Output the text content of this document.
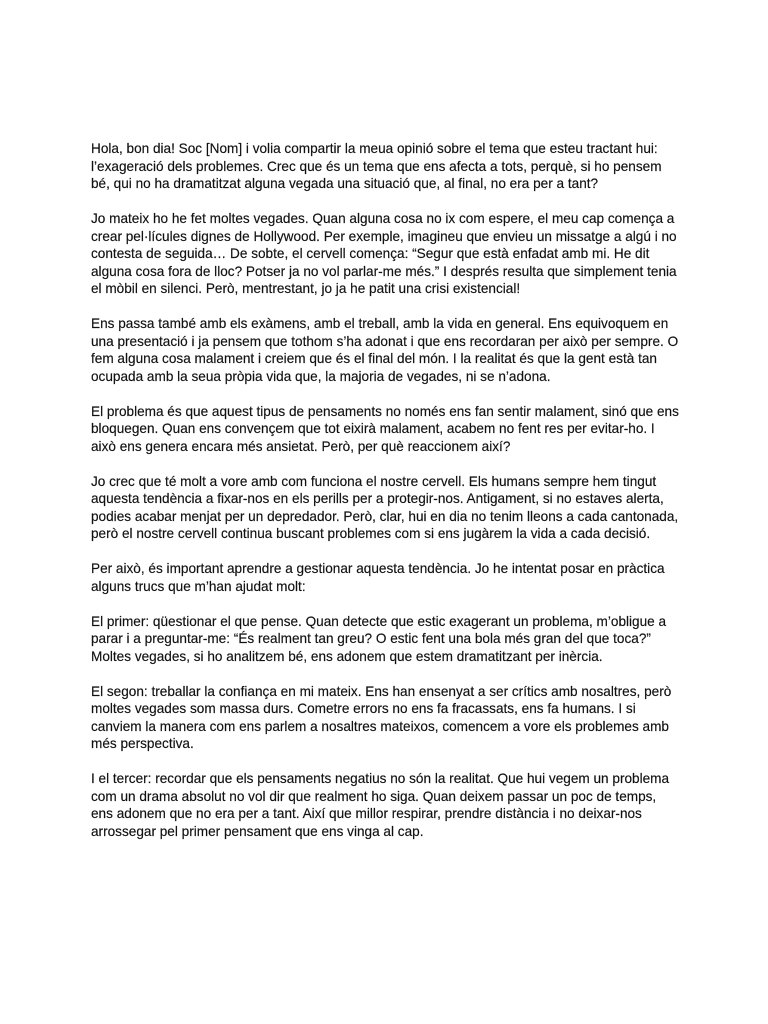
Hola, bon dia! Soc [Nom] i volia compartir la meua opinió sobre el tema que esteu tractant hui: l’exageració dels problemes. Crec que és un tema que ens afecta a tots, perquè, si ho pensem bé, qui no ha dramatitzat alguna vegada una situació que, al final, no era per a tant?

Jo mateix ho he fet moltes vegades. Quan alguna cosa no ix com espere, el meu cap comença a crear pel·lícules dignes de Hollywood. Per exemple, imagineu que envieu un missatge a algú i no contesta de seguida… De sobte, el cervell comença: “Segur que està enfadat amb mi. He dit alguna cosa fora de lloc? Potser ja no vol parlar-me més.” I després resulta que simplement tenia el mòbil en silenci. Però, mentrestant, jo ja he patit una crisi existencial!

Ens passa també amb els exàmens, amb el treball, amb la vida en general. Ens equivoquem en una presentació i ja pensem que tothom s’ha adonat i que ens recordaran per això per sempre. O fem alguna cosa malament i creiem que és el final del món. I la realitat és que la gent està tan ocupada amb la seua pròpia vida que, la majoria de vegades, ni se n’adona.

El problema és que aquest tipus de pensaments no només ens fan sentir malament, sinó que ens bloquegen. Quan ens convençem que tot eixirà malament, acabem no fent res per evitar-ho. I això ens genera encara més ansietat. Però, per què reaccionem així?

Jo crec que té molt a vore amb com funciona el nostre cervell. Els humans sempre hem tingut aquesta tendència a fixar-nos en els perills per a protegir-nos. Antigament, si no estaves alerta, podies acabar menjat per un depredador. Però, clar, hui en dia no tenim lleons a cada cantonada, però el nostre cervell continua buscant problemes com si ens jugàrem la vida a cada decisió.

Per això, és important aprendre a gestionar aquesta tendència. Jo he intentat posar en pràctica alguns trucs que m’han ajudat molt:

El primer: qüestionar el que pense. Quan detecte que estic exagerant un problema, m’obligue a parar i a preguntar-me: “És realment tan greu? O estic fent una bola més gran del que toca?” Moltes vegades, si ho analitzem bé, ens adonem que estem dramatitzant per inèrcia.

El segon: treballar la confiança en mi mateix. Ens han ensenyat a ser crítics amb nosaltres, però moltes vegades som massa durs. Cometre errors no ens fa fracassats, ens fa humans. I si canviem la manera com ens parlem a nosaltres mateixos, comencem a vore els problemes amb més perspectiva.

I el tercer: recordar que els pensaments negatius no són la realitat. Que hui vegem un problema com un drama absolut no vol dir que realment ho siga. Quan deixem passar un poc de temps, ens adonem que no era per a tant. Així que millor respirar, prendre distància i no deixar-nos arrossegar pel primer pensament que ens vinga al cap.
